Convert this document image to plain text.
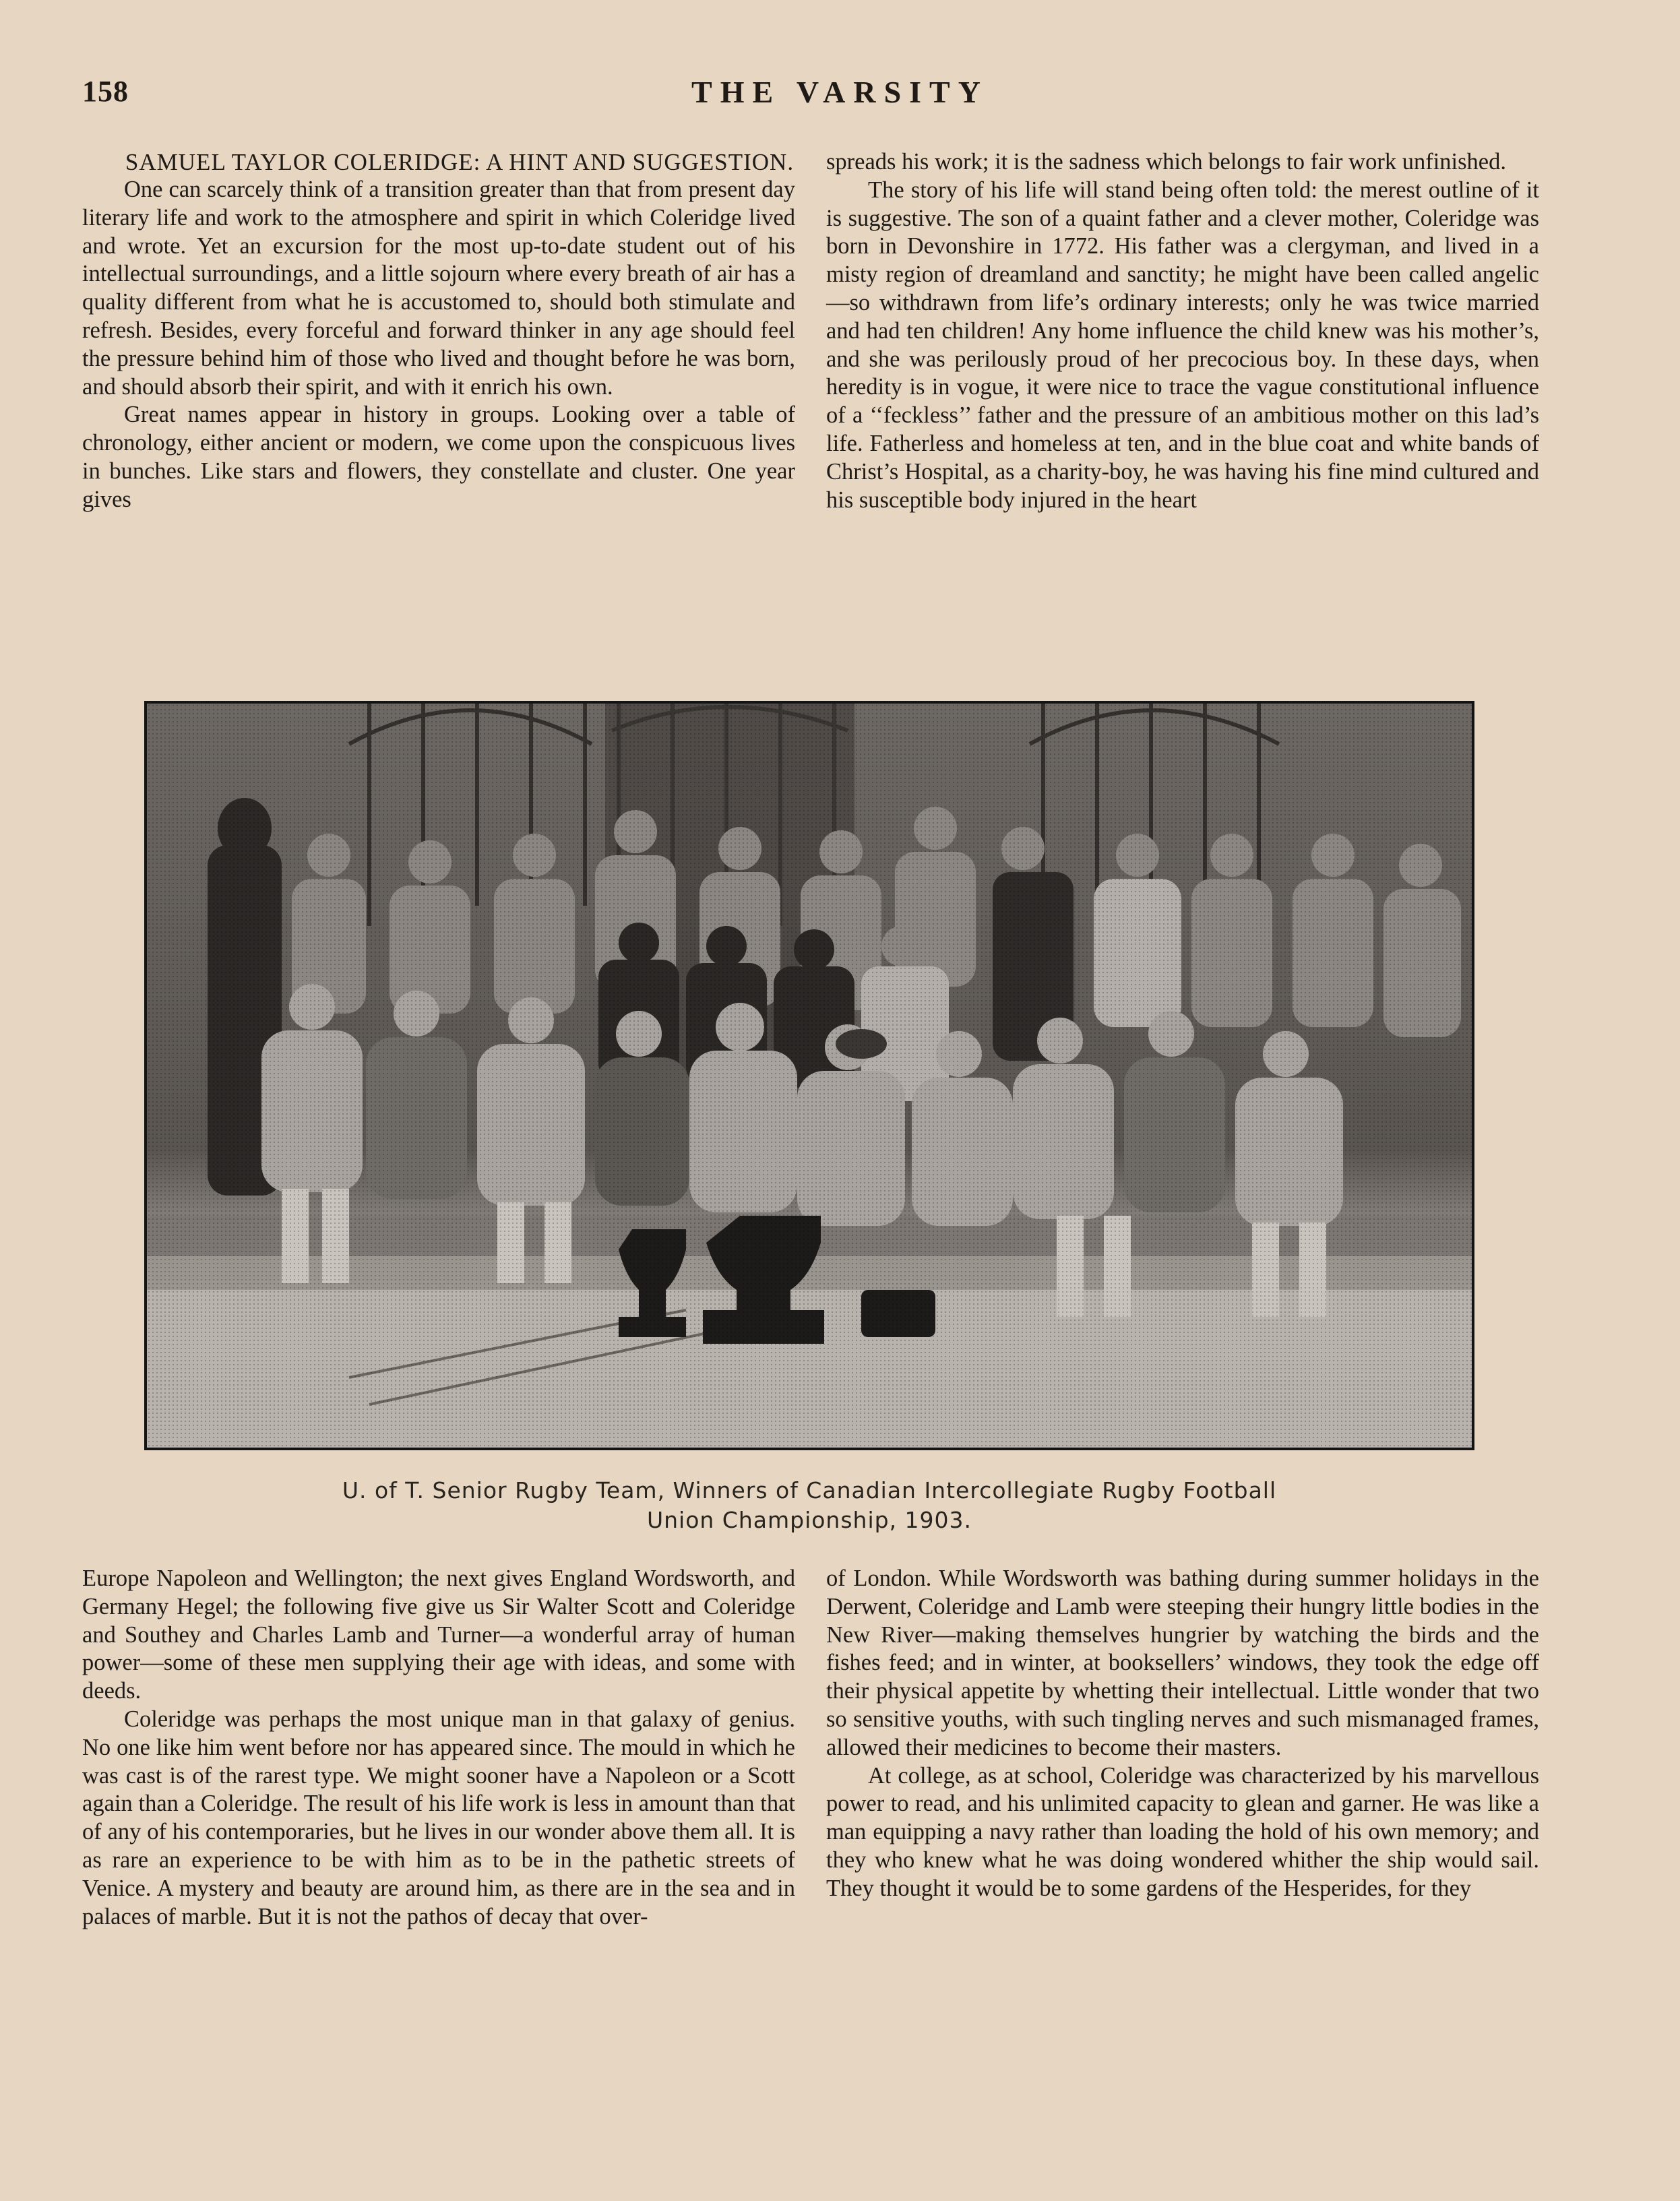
158	THE VARSITY

SAMUEL TAYLOR COLERIDGE: A HINT AND SUGGESTION.

One can scarcely think of a transition greater than that from present day literary life and work to the atmosphere and spirit in which Coleridge lived and wrote. Yet an excursion for the most up-to-date student out of his intellectual surroundings, and a little sojourn where every breath of air has a quality different from what he is accustomed to, should both stimulate and refresh. Besides, every forceful and forward thinker in any age should feel the pressure behind him of those who lived and thought before he was born, and should absorb their spirit, and with it enrich his own.

Great names appear in history in groups. Looking over a table of chronology, either ancient or modern, we come upon the conspicuous lives in bunches. Like stars and flowers, they constellate and cluster. One year gives

spreads his work; it is the sadness which belongs to fair work unfinished.

The story of his life will stand being often told: the merest outline of it is suggestive. The son of a quaint father and a clever mother, Coleridge was born in Devonshire in 1772. His father was a clergyman, and lived in a misty region of dreamland and sanctity; he might have been called angelic—so withdrawn from life’s ordinary interests; only he was twice married and had ten children! Any home influence the child knew was his mother’s, and she was perilously proud of her precocious boy. In these days, when heredity is in vogue, it were nice to trace the vague constitutional influence of a ‘‘feckless’’ father and the pressure of an ambitious mother on this lad’s life. Fatherless and homeless at ten, and in the blue coat and white bands of Christ’s Hospital, as a charity-boy, he was having his fine mind cultured and his susceptible body injured in the heart

U. of T. Senior Rugby Team, Winners of Canadian Intercollegiate Rugby Football
Union Championship, 1903.

Europe Napoleon and Wellington; the next gives England Wordsworth, and Germany Hegel; the following five give us Sir Walter Scott and Coleridge and Southey and Charles Lamb and Turner—a wonderful array of human power—some of these men supplying their age with ideas, and some with deeds.

Coleridge was perhaps the most unique man in that galaxy of genius. No one like him went before nor has appeared since. The mould in which he was cast is of the rarest type. We might sooner have a Napoleon or a Scott again than a Coleridge. The result of his life work is less in amount than that of any of his contemporaries, but he lives in our wonder above them all. It is as rare an experience to be with him as to be in the pathetic streets of Venice. A mystery and beauty are around him, as there are in the sea and in palaces of marble. But it is not the pathos of decay that over-

of London. While Wordsworth was bathing during summer holidays in the Derwent, Coleridge and Lamb were steeping their hungry little bodies in the New River—making themselves hungrier by watching the birds and the fishes feed; and in winter, at booksellers’ windows, they took the edge off their physical appetite by whetting their intellectual. Little wonder that two so sensitive youths, with such tingling nerves and such mismanaged frames, allowed their medicines to become their masters.

At college, as at school, Coleridge was characterized by his marvellous power to read, and his unlimited capacity to glean and garner. He was like a man equipping a navy rather than loading the hold of his own memory; and they who knew what he was doing wondered whither the ship would sail. They thought it would be to some gardens of the Hesperides, for they
